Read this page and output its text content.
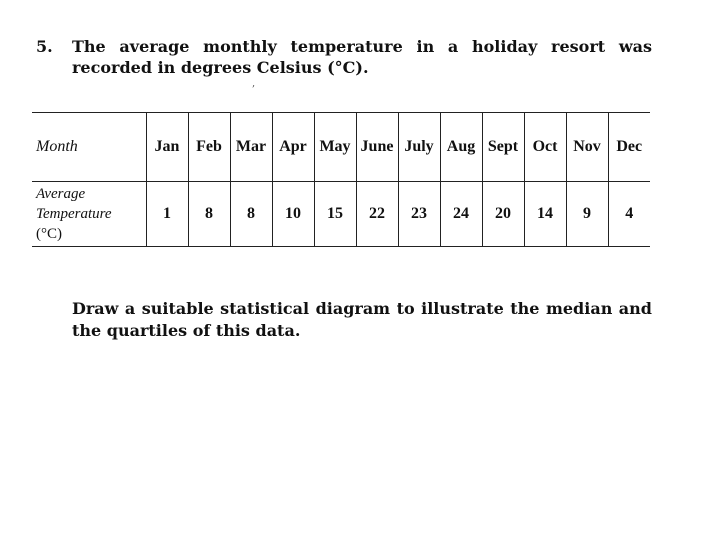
5. The average monthly temperature in a holiday resort was recorded in degrees Celsius (°C).
,
Month	Jan	Feb	Mar	Apr	May	June	July	Aug	Sept	Oct	Nov	Dec

Average
Temperature
(°C)	1	8	8	10	15	22	23	24	20	14	9	4
Draw a suitable statistical diagram to illustrate the median and the quartiles of this data.
